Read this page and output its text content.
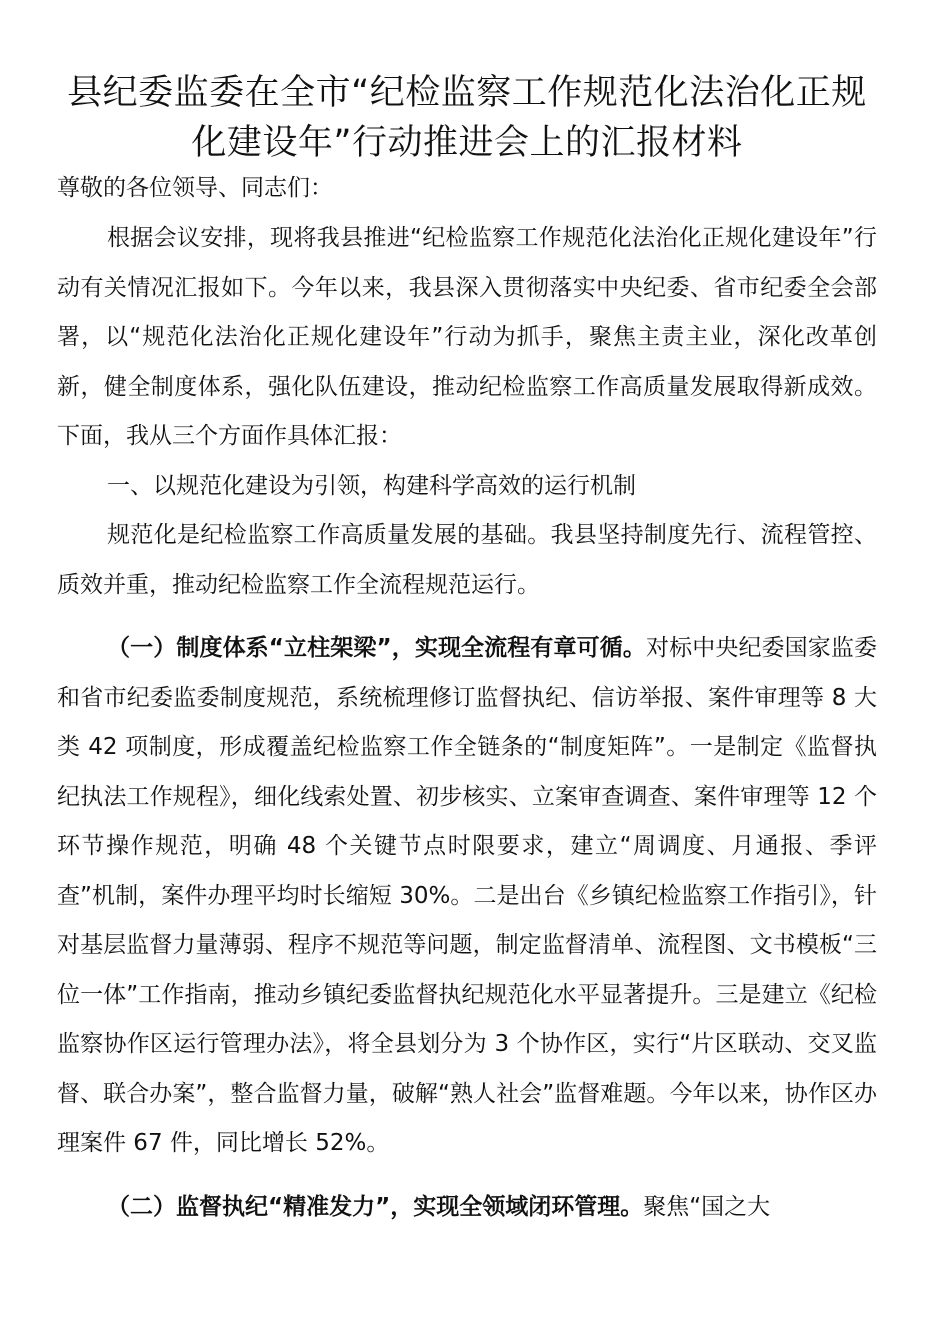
县纪委监委在全市“纪检监察工作规范化法治化正规化建设年”行动推进会上的汇报材料

尊敬的各位领导、同志们：

根据会议安排，现将我县推进“纪检监察工作规范化法治化正规化建设年”行动有关情况汇报如下。今年以来，我县深入贯彻落实中央纪委、省市纪委全会部署，以“规范化法治化正规化建设年”行动为抓手，聚焦主责主业，深化改革创新，健全制度体系，强化队伍建设，推动纪检监察工作高质量发展取得新成效。下面，我从三个方面作具体汇报：

一、以规范化建设为引领，构建科学高效的运行机制

规范化是纪检监察工作高质量发展的基础。我县坚持制度先行、流程管控、质效并重，推动纪检监察工作全流程规范运行。

（一）制度体系“立柱架梁”，实现全流程有章可循。对标中央纪委国家监委和省市纪委监委制度规范，系统梳理修订监督执纪、信访举报、案件审理等 8 大类 42 项制度，形成覆盖纪检监察工作全链条的“制度矩阵”。一是制定《监督执纪执法工作规程》，细化线索处置、初步核实、立案审查调查、案件审理等 12 个环节操作规范，明确 48 个关键节点时限要求，建立“周调度、月通报、季评查”机制，案件办理平均时长缩短 30%。二是出台《乡镇纪检监察工作指引》，针对基层监督力量薄弱、程序不规范等问题，制定监督清单、流程图、文书模板“三位一体”工作指南，推动乡镇纪委监督执纪规范化水平显著提升。三是建立《纪检监察协作区运行管理办法》，将全县划分为 3 个协作区，实行“片区联动、交叉监督、联合办案”，整合监督力量，破解“熟人社会”监督难题。今年以来，协作区办理案件 67 件，同比增长 52%。

（二）监督执纪“精准发力”，实现全领域闭环管理。聚焦“国之大
